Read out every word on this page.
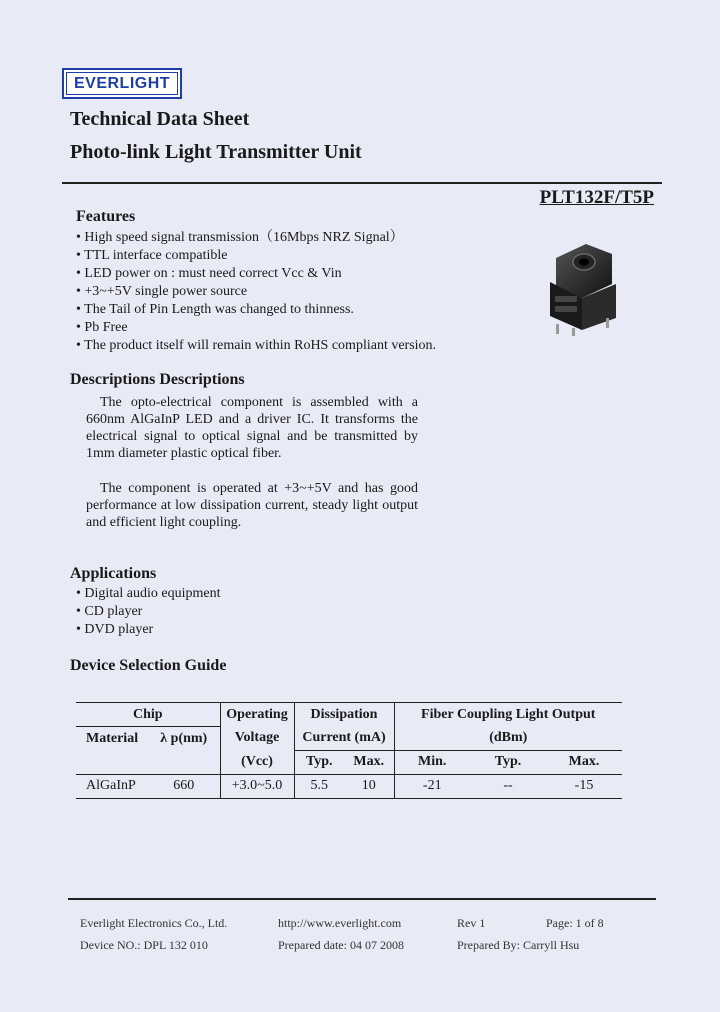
EVERLIGHT
Technical Data Sheet
Photo-link Light Transmitter Unit
PLT132F/T5P
Features
• High speed signal transmission（16Mbps NRZ Signal）
• TTL interface compatible
• LED power on : must need correct Vcc & Vin
• +3~+5V single power source
• The Tail of Pin Length was changed to thinness.
• Pb Free
• The product itself will remain within RoHS compliant version.
Descriptions Descriptions

The opto-electrical component is assembled with a 660nm AlGaInP LED and a driver IC. It transforms the electrical signal to optical signal and be transmitted by 1mm diameter plastic optical fiber.

The component is operated at +3~+5V and has good performance at low dissipation current, steady light output and efficient light coupling.

Applications
• Digital audio equipment
• CD player
• DVD player
Device Selection Guide
Chip		Operating	Dissipation		Fiber Coupling Light Output		
Material	λ p(nm)	Voltage	Current (mA)		(dBm)		
		(Vcc)	Typ.	Max.	Min.	Typ.	Max.
AlGaInP	660	+3.0~5.0	5.5	10	-21	--	-15
Everlight Electronics Co., Ltd.	http://www.everlight.com	Rev 1	Page: 1 of 8
Device NO.: DPL 132 010	Prepared date: 04 07 2008	Prepared By: Carryll Hsu
